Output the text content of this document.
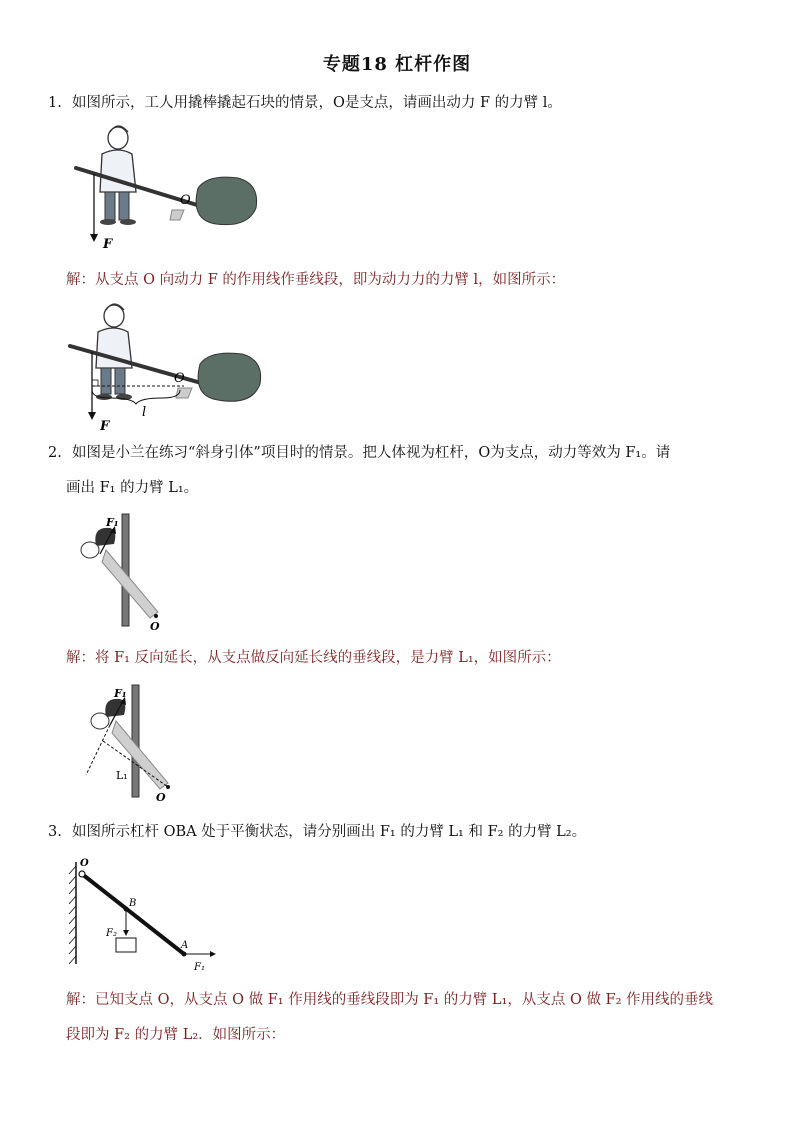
专题18 杠杆作图
1. 如图所示，工人用撬棒撬起石块的情景，O是支点，请画出动力 F 的力臂 l。
O
F
解：从支点 O 向动力 F 的作用线作垂线段，即为动力力的力臂 l，如图所示：
O
F
l
2. 如图是小兰在练习“斜身引体”项目时的情景。把人体视为杠杆，O为支点，动力等效为 F₁。请
画出 F₁ 的力臂 L₁。
F₁
O
解：将 F₁ 反向延长，从支点做反向延长线的垂线段，是力臂 L₁，如图所示：
F₁
L₁
O
3. 如图所示杠杆 OBA 处于平衡状态，请分别画出 F₁ 的力臂 L₁ 和 F₂ 的力臂 L₂。
O
B
A
F₂
F₁
解：已知支点 O，从支点 O 做 F₁ 作用线的垂线段即为 F₁ 的力臂 L₁，从支点 O 做 F₂ 作用线的垂线
段即为 F₂ 的力臂 L₂．如图所示：
